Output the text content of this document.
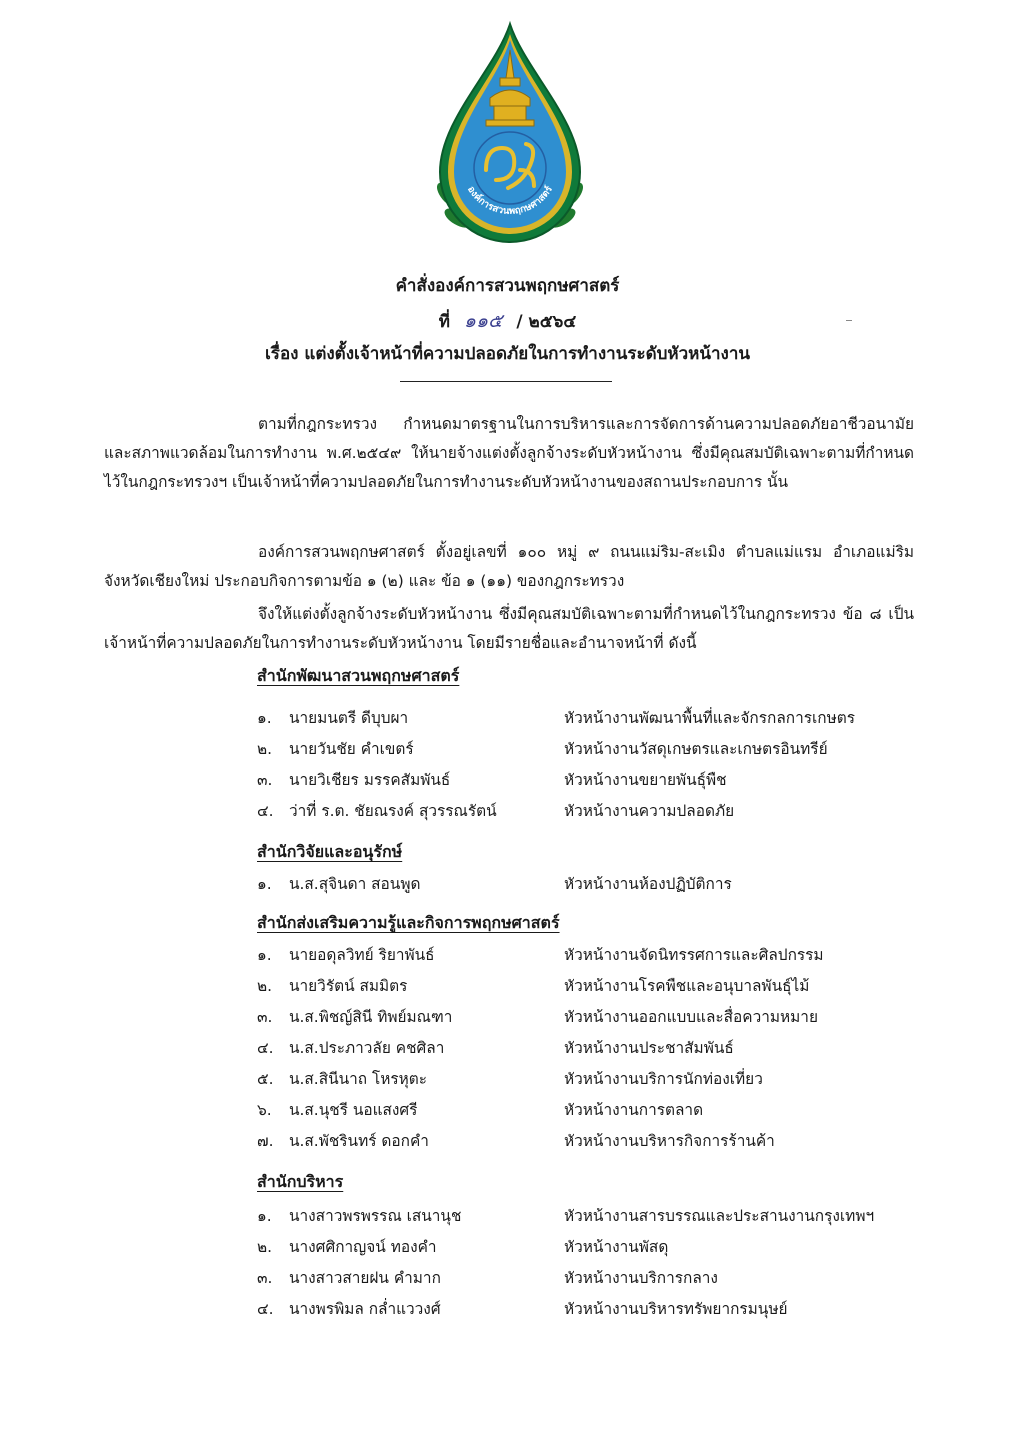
องค์การสวนพฤกษศาสตร์
คำสั่งองค์การสวนพฤกษศาสตร์
ที่ ๑๑๕ / ๒๕๖๔
เรื่อง แต่งตั้งเจ้าหน้าที่ความปลอดภัยในการทำงานระดับหัวหน้างาน

ตามที่กฎกระทรวง กำหนดมาตรฐานในการบริหารและการจัดการด้านความปลอดภัยอาชีวอนามัยและสภาพแวดล้อมในการทำงาน พ.ศ.๒๕๔๙ ให้นายจ้างแต่งตั้งลูกจ้างระดับหัวหน้างาน ซึ่งมีคุณสมบัติเฉพาะตามที่กำหนดไว้ในกฎกระทรวงฯ เป็นเจ้าหน้าที่ความปลอดภัยในการทำงานระดับหัวหน้างานของสถานประกอบการ นั้น

องค์การสวนพฤกษศาสตร์ ตั้งอยู่เลขที่ ๑๐๐ หมู่ ๙ ถนนแม่ริม-สะเมิง ตำบลแม่แรม อำเภอแม่ริม จังหวัดเชียงใหม่ ประกอบกิจการตามข้อ ๑ (๒) และ ข้อ ๑ (๑๑) ของกฎกระทรวง

จึงให้แต่งตั้งลูกจ้างระดับหัวหน้างาน ซึ่งมีคุณสมบัติเฉพาะตามที่กำหนดไว้ในกฎกระทรวง ข้อ ๘ เป็นเจ้าหน้าที่ความปลอดภัยในการทำงานระดับหัวหน้างาน โดยมีรายชื่อและอำนาจหน้าที่ ดังนี้

สำนักพัฒนาสวนพฤกษศาสตร์
๑. นายมนตรี ดีบุบผา	หัวหน้างานพัฒนาพื้นที่และจักรกลการเกษตร
๒. นายวันชัย คำเขตร์	หัวหน้างานวัสดุเกษตรและเกษตรอินทรีย์
๓. นายวิเชียร มรรคสัมพันธ์	หัวหน้างานขยายพันธุ์พืช
๔. ว่าที่ ร.ต. ชัยณรงค์ สุวรรณรัตน์	หัวหน้างานความปลอดภัย
สำนักวิจัยและอนุรักษ์
๑. น.ส.สุจินดา สอนพูด	หัวหน้างานห้องปฏิบัติการ
สำนักส่งเสริมความรู้และกิจการพฤกษศาสตร์
๑. นายอดุลวิทย์ ริยาพันธ์	หัวหน้างานจัดนิทรรศการและศิลปกรรม
๒. นายวิรัตน์ สมมิตร	หัวหน้างานโรคพืชและอนุบาลพันธุ์ไม้
๓. น.ส.พิชญ์สินี ทิพย์มณฑา	หัวหน้างานออกแบบและสื่อความหมาย
๔. น.ส.ประภาวลัย คชศิลา	หัวหน้างานประชาสัมพันธ์
๕. น.ส.สินีนาถ โหรหุตะ	หัวหน้างานบริการนักท่องเที่ยว
๖. น.ส.นุชรี นอแสงศรี	หัวหน้างานการตลาด
๗. น.ส.พัชรินทร์ ดอกคำ	หัวหน้างานบริหารกิจการร้านค้า
สำนักบริหาร
๑. นางสาวพรพรรณ เสนานุช	หัวหน้างานสารบรรณและประสานงานกรุงเทพฯ
๒. นางศศิกาญจน์ ทองคำ	หัวหน้างานพัสดุ
๓. นางสาวสายฝน คำมาก	หัวหน้างานบริการกลาง
๔. นางพรพิมล กล่ำแววงศ์	หัวหน้างานบริหารทรัพยากรมนุษย์
